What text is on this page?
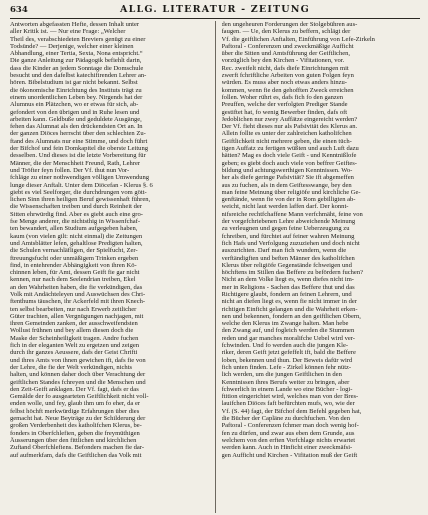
634	ALLG. LITERATUR - ZEITUNG
Antworten abgefassten Hefte, dessen Inhalt unter
aller Kritik ist. — Nur eine Frage: „Welcher
Theil des, verabschiedeten Breviers genügt zu einer
Todsünde? — Derjenige, welcher einer kleinen
Abhandlung, einer Tertia, Sexta, Nona entspricht.“
Die ganze Anleitung zur Pädagogik befiehlt darin,
dass die Kinder an jedem Sonntage die Domschule
besucht und den dafelbst katechifirenden Lehrer an-
hören. Bibelstudium ist gar nicht bekannt. Selbst
die ökonomische Einrichtung des Instituts trägt zu
einem unordentlichen Leben bey. Nirgends hat der
Alumnus ein Plätzchen, wo er etwas für sich, ab-
gefondert von den übrigen und in Ruhe lesen und
arbeiten kann. Geldbuße und geduldete Ausgänge,
fehen das Alumnat als den drückendsten Ort an. In
der ganzen Diöces herrscht über den schlechten Zu-
ftand des Alumnats nur eine Stimme, und doch führt
der Bifchof und fein Domkapitel die oberste Leitung
desselben. Und dieses ist die letzte Vorbereitung für
Männer, die der Menschheit Freund, Rath, Lehrer
und Tröfter feyn follen. Der Vf. thut nun Vor-
fchläge zu einer nothwendigen völligen Umwendung
lunge dieser Anftalt. Unter dem Diöcefan - Klerus §. 6
giebt es viel Seelforger, die durchdrungen vom gött-
lichen Sinn ihren heiligen Beruf gewissenhaft führen,
die Wissenschaften treiben und durch Reinheit der
Sitten ehrwürdig find. Aber es giebt auch eine gro-
fse Menge anderer, die nichtsthig in Wissenfchaf-
ten bewandert, allen Studium aufgegeben haben,
kaum (von vielen gilt: nicht einmal) die Zeitungen
und Amtsblätter lefen, gehaltlose Predigten halten,
die Schulen vernachläfligen, der Spielfucht, Zer-
ftreuungsfucht oder unmäßigem Trinken ergeben
find, in entehrender Abhängigkeit von ihren Kö-
chinnen leben, für Amt, dessen Geift fie gar nicht
kennen, nur nach dem Seelendrian treiben, Ekel
an den Wahrheiten haben, die fie verkündigen, das
Volk mit Andächteleyen und Auswüchsen des Chri-
ftenthums täuschen, ihr Ackerfeld mit ihren Knech-
ten selbst bearbeiten, nur nach Erwerb zeitlicher
Güter trachten, allen Vergnügungen nachjagen, mit
ihren Gemeinden zanken, der ausschweifendsten
Wollust frühnen und bey allem diesen doch die
Maske der Scheinheiligkeit tragen. Andre fuchen
fich in der eleganten Welt zu ergetzen und zeigen
durch ihr ganzes Aeussere, dafs der Geist Chrifti
und ihres Amts von ihnen gewichen ift, dafs fie von
der Lehre, die fie der Welt verkündigen, nichts
halten, und können daher doch über Verachtung der
geiftlichen Standes fchreyen und die Menschen und
den Zeit-Geift anklagen. Der Vf. fagt, dafs er das
Gemälde der fo ausgearteten Geiftlichkeit nicht voll-
enden wolle, und fey, glaub ihm um fo eher, da er
felbst höchft merkwürdige Erfahrungen über dies
gemacht hat. Neue Beyträge zu der Schilderung der
großen Verderbenheit des katholifchen Klerus, be-
fonders in Oberfchlefien, geben die freymüthigen
Äusserungen über den fittlichen und kirchlichen
Zuftand Oberfchlefiens. Befonders machen fie dar-
auf aufmerkfam, dafs die Geiftlichen das Volk mit
den ungeheuren Forderungen der Stolgebühren aus-
faugen. — Ue, den Klerus zu beffern, schlägt der
Vf. die geiftlichen Anftalten, Einführung von Lefe-Zirkeln
Paftoral - Conferenzen und zweckmäßige Aufficht
über die Sitten und Amtsführung der Geiftlichen,
vorzüglich bey den Kirchen - Vifitationen, vor.
Rec. zweifelt nicht, dafs diefe Einrichtungen mit
zwerft fchriftliche Arbeiten von guten Folgen feyn
würden. Es muss aber noch etwas anders hinzu-
kommen, wenn fie den gehofften Zweck erreichen
follen. Woher rührt es, dafs fich fo den ganzen
Preuffen, welche der verfolgten Prediger Stande
gestiftet hat, fo wenig Bewerber finden, dafs oft
Jedoblichen nur zwey Auffätze eingereicht werden?
Der Vf. fieht dieses nur als Pafsivität des Klerus an.
Allein follte es unter der zahlreichen katholifchen
Geiftlichkeit nicht mehrere geben, die einen tüch-
tigen Auffatz zu fertigen wüßten und auch Luft dazu
hätten? Mag es doch viele Geift - und Kenntnißlofe
geben; es giebt doch auch viele von beffrer Geiftes-
bildung und achtungswerthigen Kenntnissen. Wo-
her als diefe geringe Pafsivität? Sie ift abgemeffen
aus zu fuchen, als in dem Geiftesswange, bey den
man feine Meinung über religiöfe und kirchliche Ge-
genftände, wenn fie von der in Rom gebilligten ab-
weicht, nicht laut werden laffen darf. Der konnt-
nifsreiche rechtfchaffene Mann verfchmäht, feine von
der vorgefchriebenen Lehre abweichende Meinung
zu verleugnen und gegen feine Ueberzeugung zu
fchreiben, und fürchtet auf feiner wahren Meinung
fich Hafs und Verfolgung zuzuziehen und doch nicht
auszurichten. Darf man fich wundern, wenn die
verftändigften und beften Männer des katholifchen
Klerus über religiöfe Gegenstände fchweigen und
höchftens im Stillen das Beffere zu befördern fuchen?
Nicht an dem Volke liegt es, wenn diefes nicht im-
mer in Religions - Sachen das Beffere thut und das
Richtigere glaubt, fondern an feinen Lehrern, und
nicht an diefen liegt es, wenn fie nicht immer in der
richtigen Einficht gelangen und die Wahrheit erken-
nen und bekennen, fondern an den geiftlichen Obern,
welche den Klerus im Zwange halten. Man hebe
den Zwang auf, und fogleich werden die Stummen
reden und gar manches moralifche Uebel wird ver-
fchwinden. Und fo werden auch die jungen Kle-
riker, deren Geift jetzt gefeffelt ift, bald die Beffere
loben, bekennen und thun. Der Beweis dafür wird
fich unten finden. Lefe - Zirkel können fehr nütz-
lich werden, um die jungen Geiftlichen in den
Kenntnissen ihres Berufs weiter zu bringen, aber
fchwerlich in einem Lande wo eine Bücher - logi-
ftition eingerichtet wird, welches man von der Bres-
lauifchen Diöces faft befürchten mufs, wo, wie der
Vf. (S. 44) fagt, der Bifchof dem Befehl gegeben hat,
die Bücher der Capläne zu durchfuchen. Von den
Paftoral - Conferenzen fchmer man doch wenig hof-
fen zu dürfen, und zwar aus eben dem Grunde, aus
welchem von den erften Vorfchlage nichts erwartet
werden kann. Auch in Hinficht einer zweckmäfsi-
gen Aufficht und Kirchen - Vifitation muß der Geift
